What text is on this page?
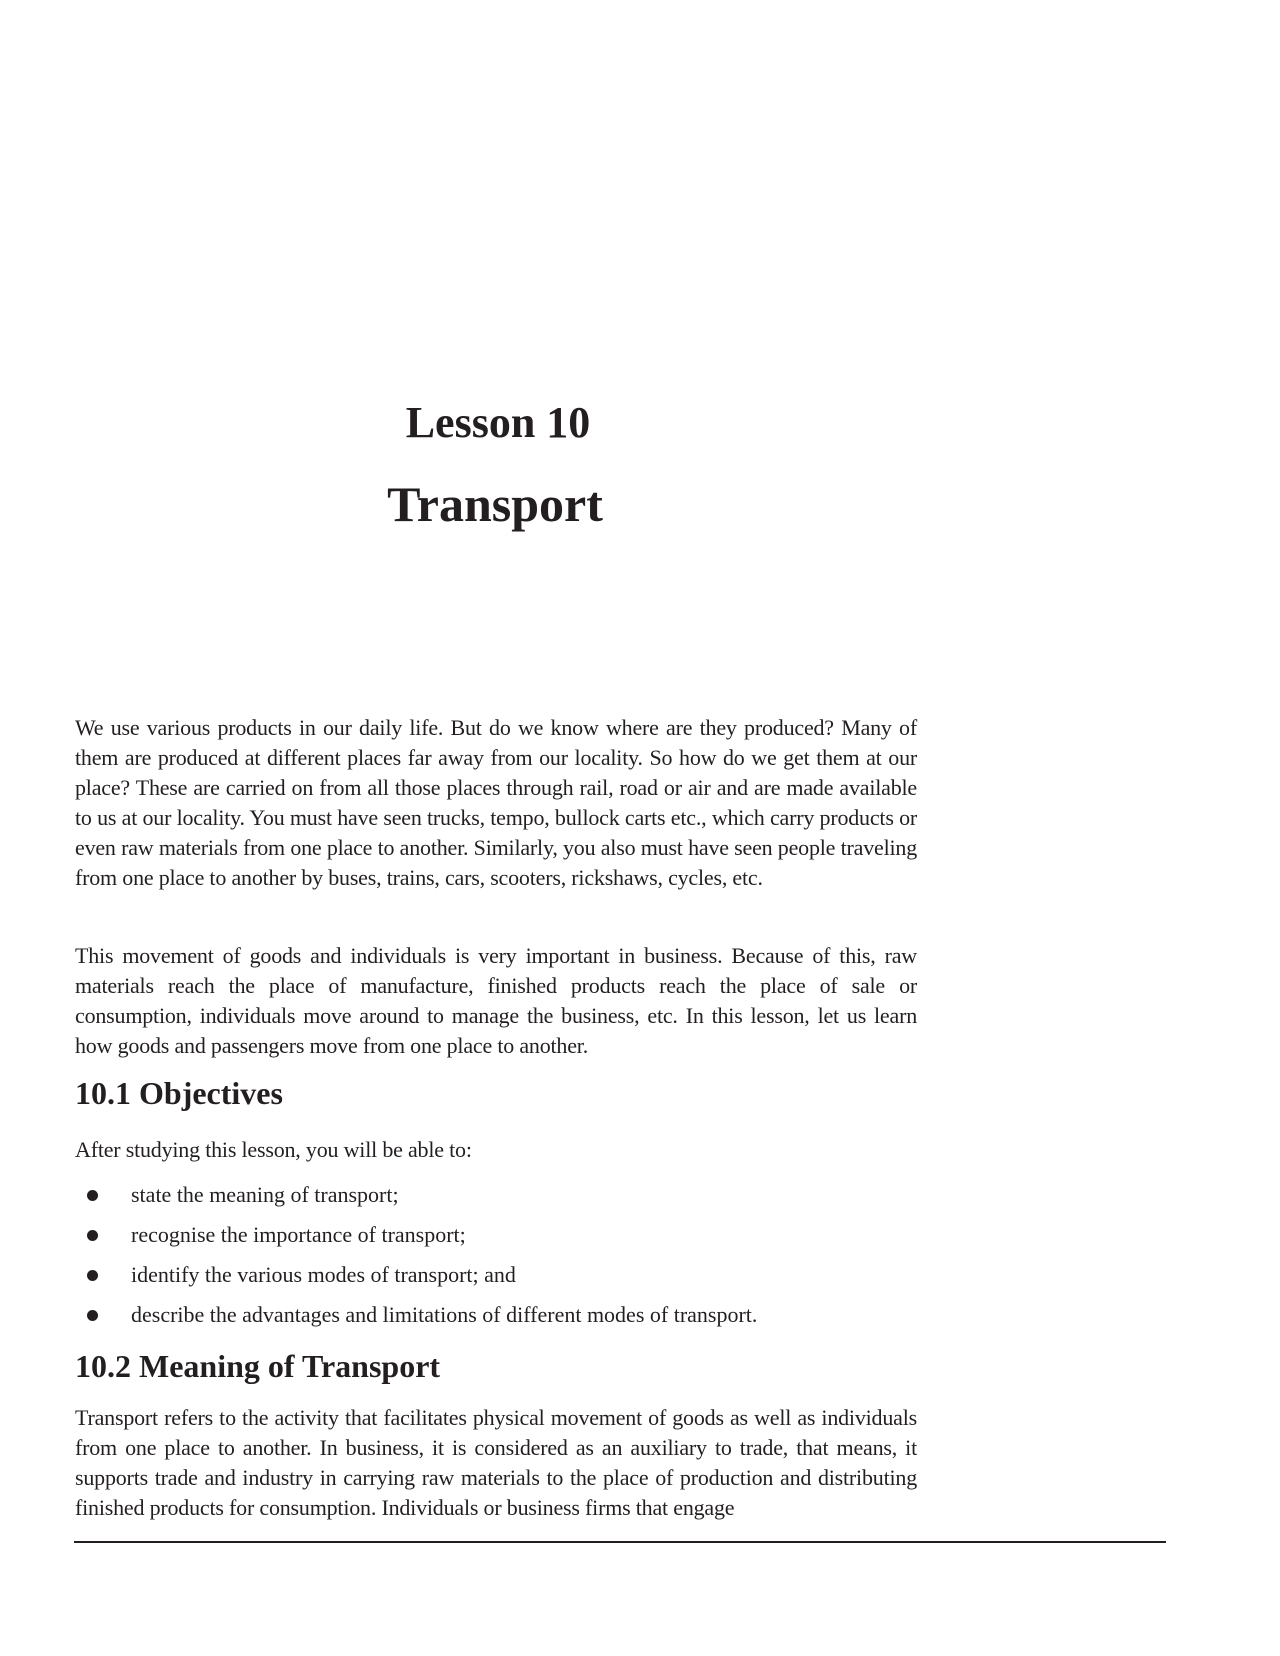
Lesson 10
Transport

We use various products in our daily life. But do we know where are they produced? Many of them are produced at different places far away from our locality. So how do we get them at our place? These are carried on from all those places through rail, road or air and are made available to us at our locality. You must have seen trucks, tempo, bullock carts etc., which carry products or even raw materials from one place to another. Similarly, you also must have seen people traveling from one place to another by buses, trains, cars, scooters, rickshaws, cycles, etc.

This movement of goods and individuals is very important in business. Because of this, raw materials reach the place of manufacture, finished products reach the place of sale or consumption, individuals move around to manage the business, etc. In this lesson, let us learn how goods and passengers move from one place to another.

10.1 Objectives

After studying this lesson, you will be able to:

state the meaning of transport;
recognise the importance of transport;
identify the various modes of transport; and
describe the advantages and limitations of different modes of transport.
10.2 Meaning of Transport

Transport refers to the activity that facilitates physical movement of goods as well as individuals from one place to another. In business, it is considered as an auxiliary to trade, that means, it supports trade and industry in carrying raw materials to the place of production and distributing finished products for consumption. Individuals or business firms that engage
